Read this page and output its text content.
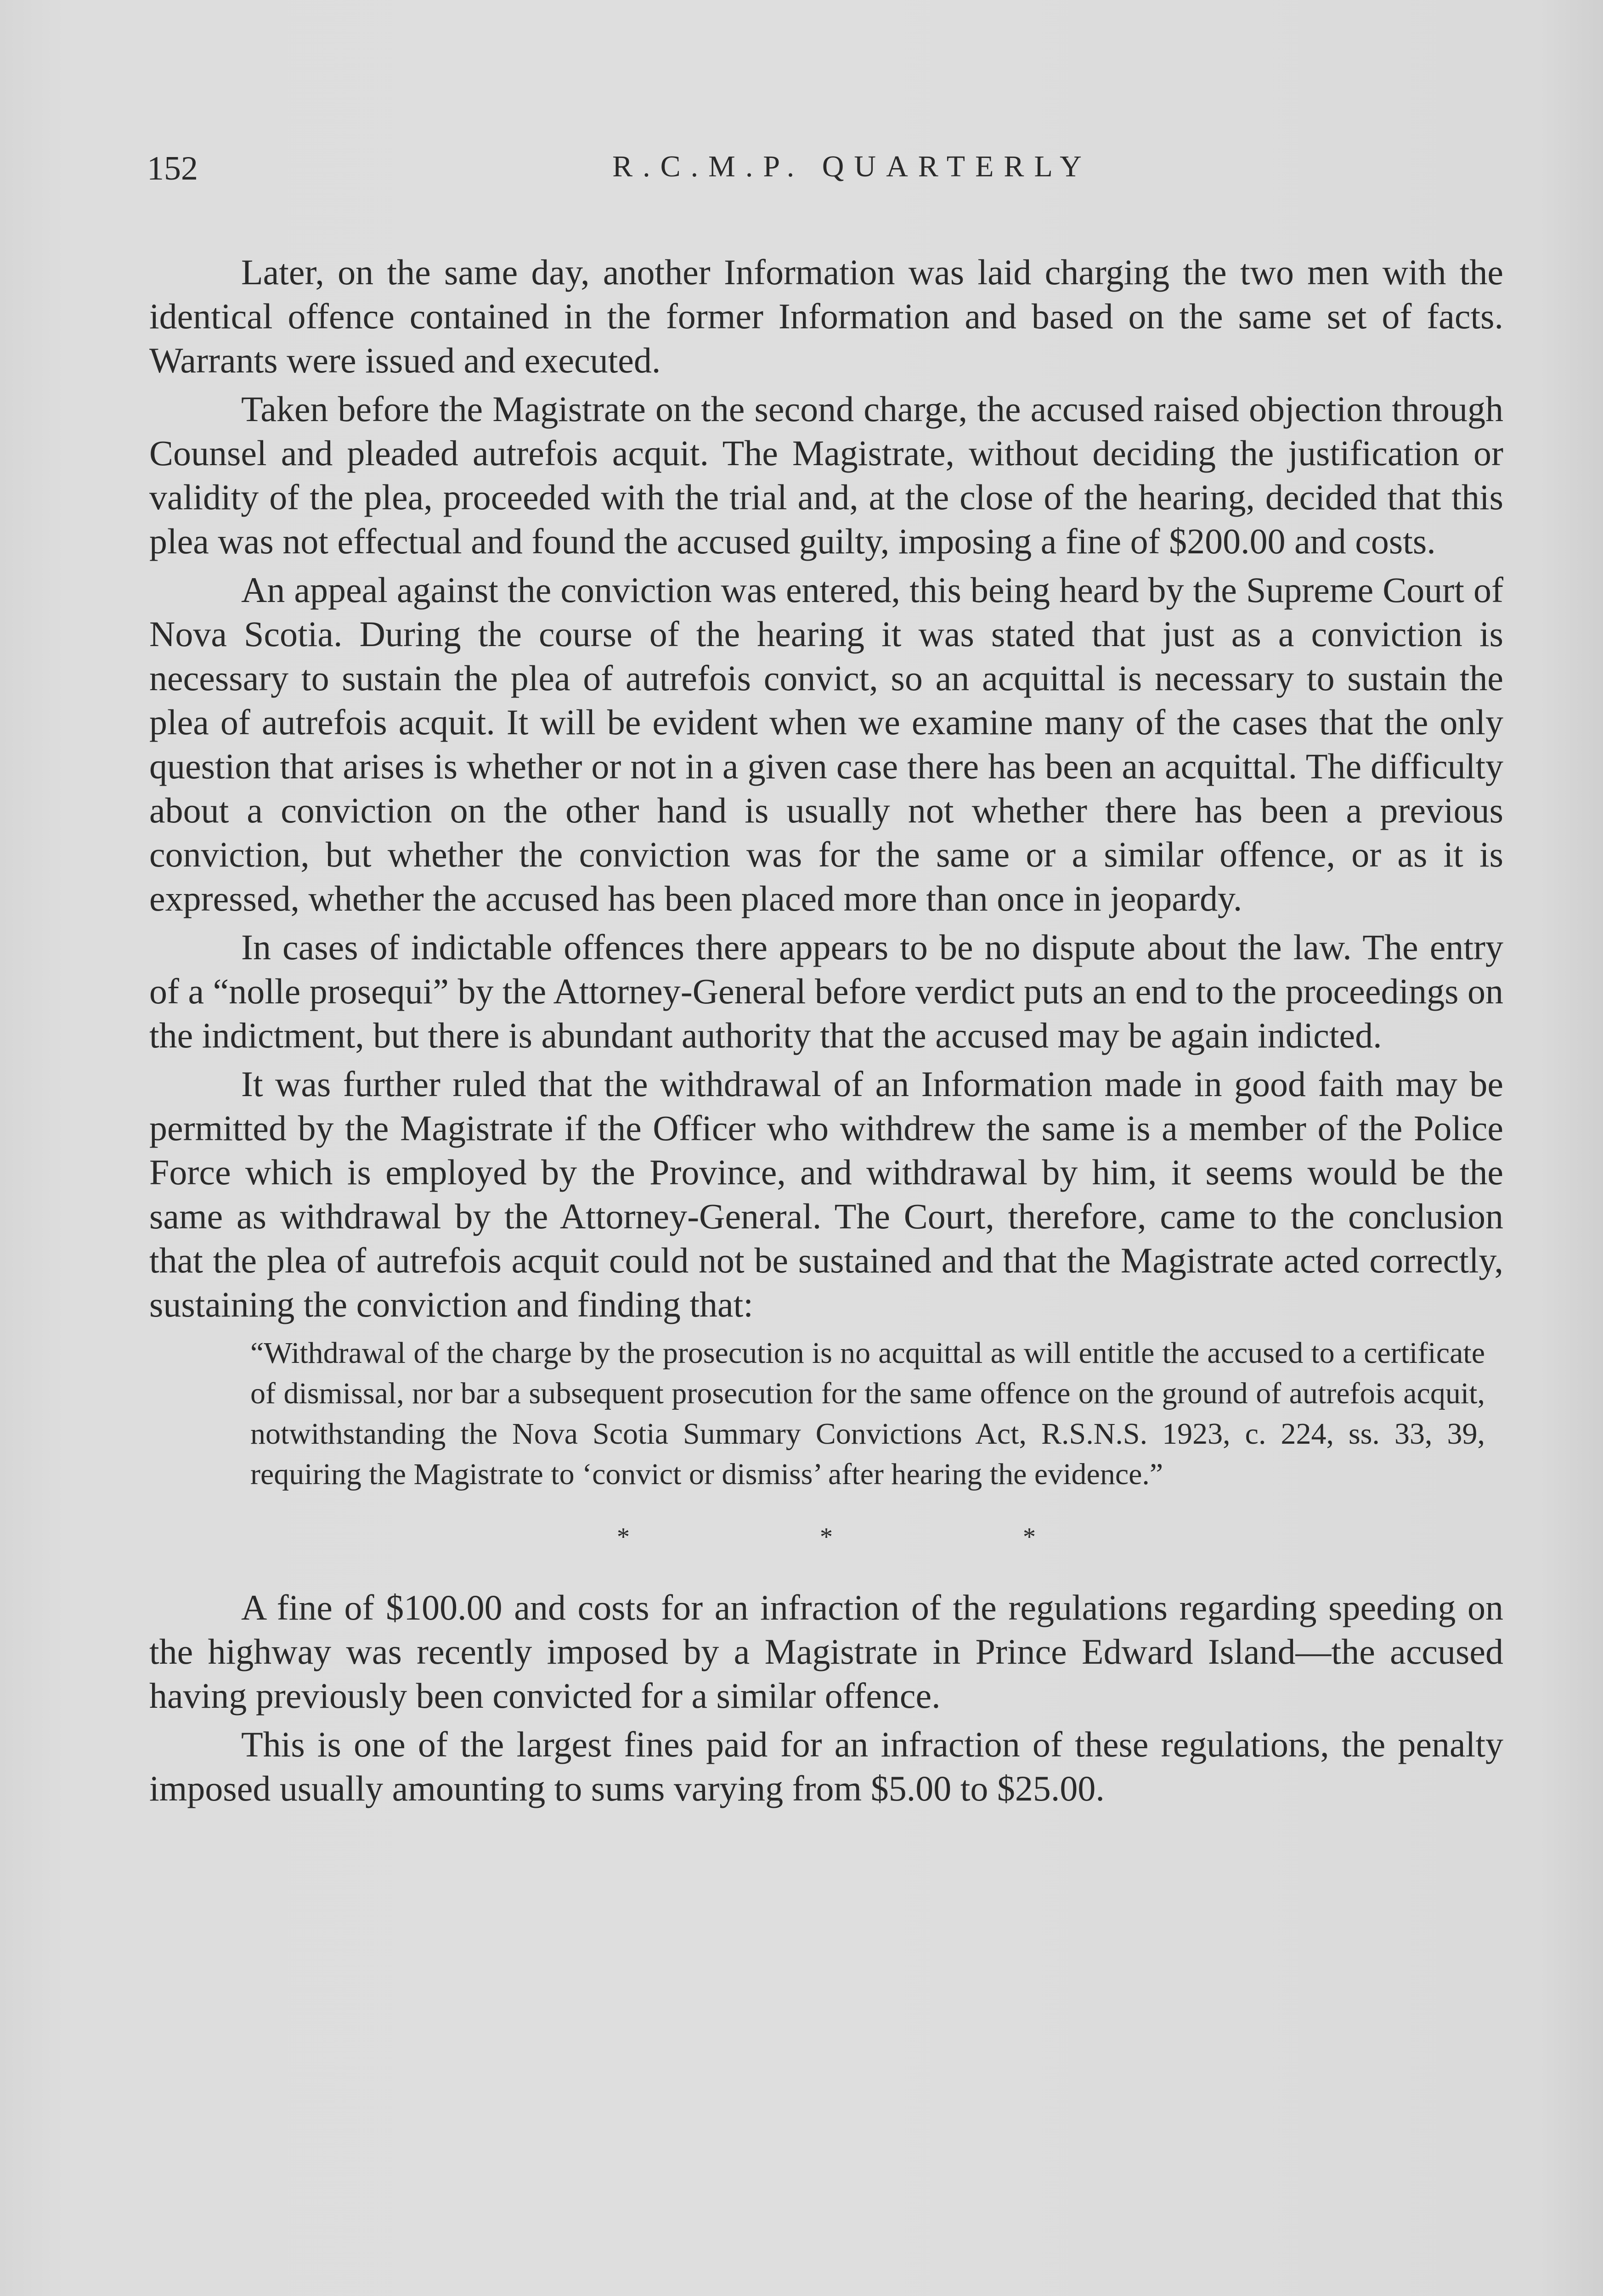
152	R.C.M.P. QUARTERLY

Later, on the same day, another Information was laid charging the two men with the identical offence contained in the former Information and based on the same set of facts. Warrants were issued and executed.

Taken before the Magistrate on the second charge, the accused raised objection through Counsel and pleaded autrefois acquit. The Magistrate, without deciding the justification or validity of the plea, proceeded with the trial and, at the close of the hearing, decided that this plea was not effectual and found the accused guilty, imposing a fine of $200.00 and costs.

An appeal against the conviction was entered, this being heard by the Supreme Court of Nova Scotia. During the course of the hearing it was stated that just as a conviction is necessary to sustain the plea of autrefois convict, so an acquittal is necessary to sustain the plea of autrefois acquit. It will be evident when we examine many of the cases that the only question that arises is whether or not in a given case there has been an acquittal. The difficulty about a conviction on the other hand is usually not whether there has been a previous conviction, but whether the conviction was for the same or a similar offence, or as it is expressed, whether the accused has been placed more than once in jeopardy.

In cases of indictable offences there appears to be no dispute about the law. The entry of a “nolle prosequi” by the Attorney-General before verdict puts an end to the proceedings on the indictment, but there is abundant authority that the accused may be again indicted.

It was further ruled that the withdrawal of an Information made in good faith may be permitted by the Magistrate if the Officer who withdrew the same is a member of the Police Force which is employed by the Province, and withdrawal by him, it seems would be the same as withdrawal by the Attorney-General. The Court, therefore, came to the conclusion that the plea of autrefois acquit could not be sustained and that the Magistrate acted correctly, sustaining the conviction and finding that:

“Withdrawal of the charge by the prosecution is no acquittal as will entitle the accused to a certificate of dismissal, nor bar a subsequent prosecution for the same offence on the ground of autrefois acquit, notwithstanding the Nova Scotia Summary Convictions Act, R.S.N.S. 1923, c. 224, ss. 33, 39, requiring the Magistrate to ‘convict or dismiss’ after hearing the evidence.”
* * *

A fine of $100.00 and costs for an infraction of the regulations regarding speeding on the highway was recently imposed by a Magistrate in Prince Edward Island—the accused having previously been convicted for a similar offence.

This is one of the largest fines paid for an infraction of these regulations, the penalty imposed usually amounting to sums varying from $5.00 to $25.00.
